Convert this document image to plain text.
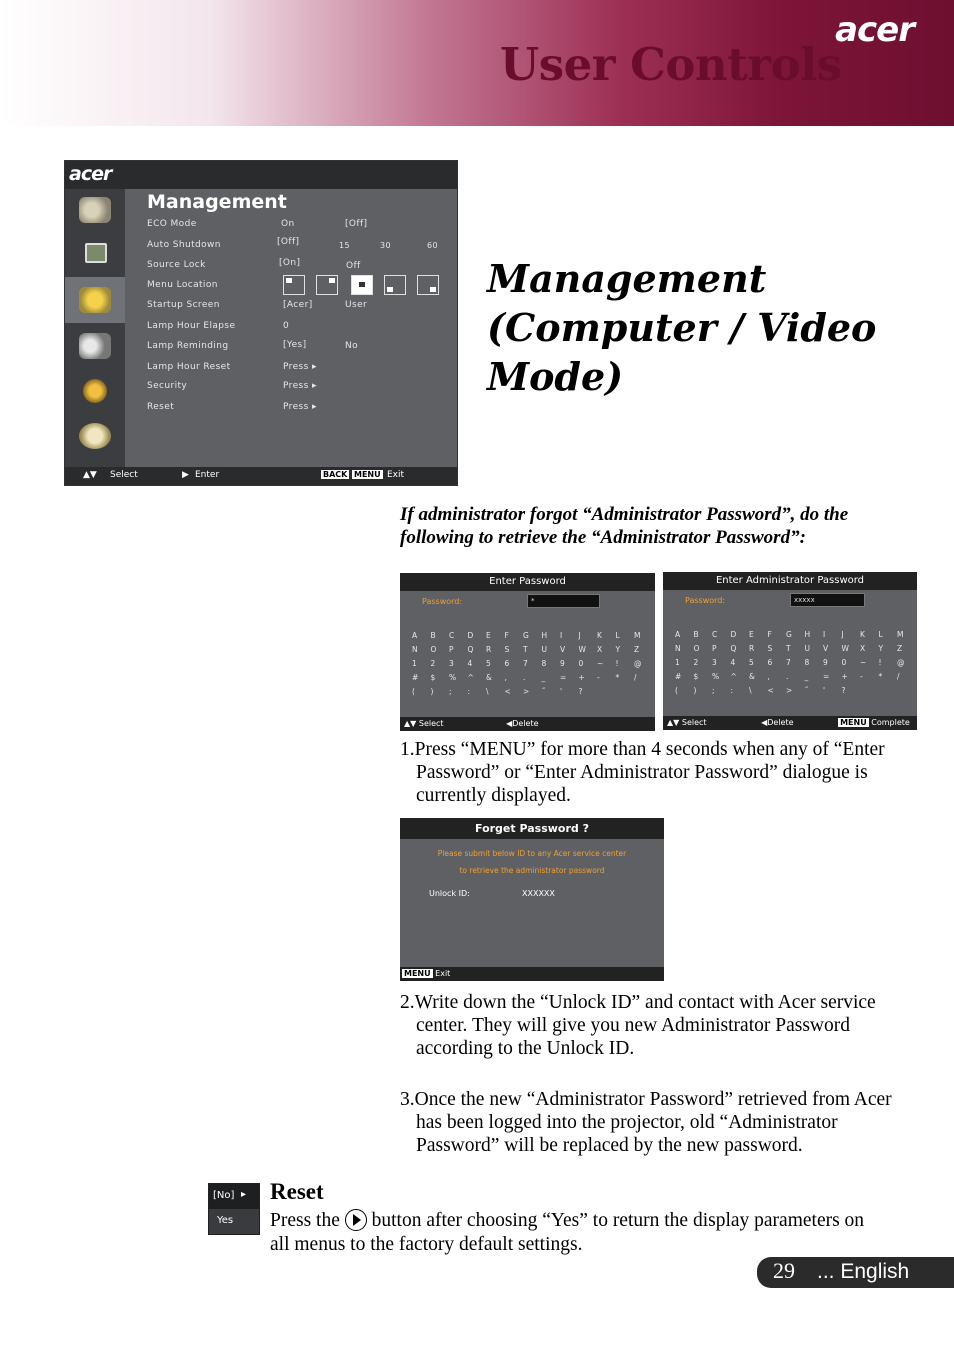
acer
User Controls
acer
Management
ECO Mode	On	[Off]
Auto Shutdown	[Off]	15	30	60
Source Lock	[On]	Off
Menu Location
Startup Screen	[Acer]	User
Lamp Hour Elapse	0
Lamp Reminding	[Yes]	No
Lamp Hour Reset	Press ▸
Security	Press ▸
Reset	Press ▸
▲▼ Select	▶ Enter	BACK MENU Exit
Management (Computer / Video Mode)
If administrator forgot “Administrator Password”, do the following to retrieve the “Administrator Password”:
Enter Password
Password:	*
A B C D E F G H I J K L M
N O P Q R S T U V W X Y Z
1 2 3 4 5 6 7 8 9 0 ~ ! @
# $ % ^ & , . _ = + - * /
( ) ; : \ < > ˝ ' ?
▲▼ Select	◀Delete
Enter Administrator Password
Password:	xxxxx
A B C D E F G H I J K L M
N O P Q R S T U V W X Y Z
1 2 3 4 5 6 7 8 9 0 ~ ! @
# $ % ^ & , . _ = + - * /
( ) ; : \ < > ˝ ' ?
▲▼ Select	◀Delete	MENU Complete
1.Press “MENU” for more than 4 seconds when any of “Enter Password” or “Enter Administrator Password” dialogue is currently displayed.
Forget Password ?
Please submit below ID to any Acer service center
to retrieve the administrator password
Unlock ID:	XXXXXX
MENU Exit
2.Write down the “Unlock ID” and contact with Acer service center. They will give you new Administrator Password according to the Unlock ID.
3.Once the new “Administrator Password” retrieved from Acer has been logged into the projector, old “Administrator Password” will be replaced by the new password.
[No] ▸
Yes
Reset
Press the button after choosing “Yes” to return the display parameters on all menus to the factory default settings.
29 ... English
